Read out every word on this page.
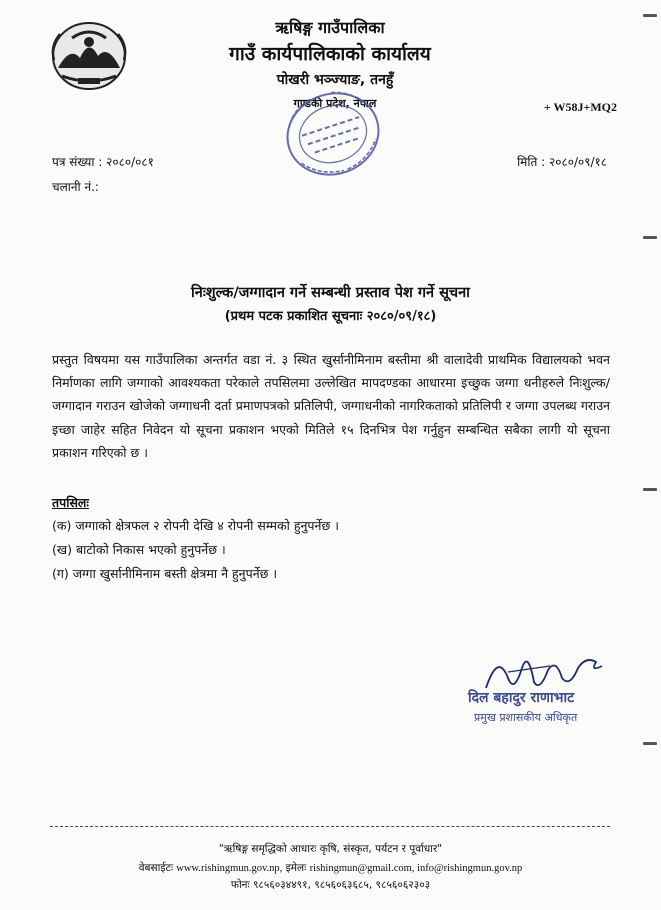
ऋषिङ्ग गाउँपालिका
गाउँ कार्यपालिकाको कार्यालय
पोखरी भञ्ज्याङ, तनहुँ
गण्डकी प्रदेश, नेपाल	+ W58J+MQ2
पत्र संख्या : २०८०/०८१
चलानी नं.:
मिति : २०८०/०९/१८
निःशुल्क/जग्गादान गर्ने सम्बन्धी प्रस्ताव पेश गर्ने सूचना
(प्रथम पटक प्रकाशित सूचनाः २०८०/०९/१८)

प्रस्तुत विषयमा यस गाउँपालिका अन्तर्गत वडा नं. ३ स्थित खुर्सानीमिनाम बस्तीमा श्री वालादेवी प्राथमिक विद्यालयको भवन निर्माणका लागि जग्गाको आवश्यकता परेकाले तपसिलमा उल्लेखित मापदण्डका आधारमा इच्छुक जग्गा धनीहरुले निःशुल्क/जग्गादान गराउन खोजेको जग्गाधनी दर्ता प्रमाणपत्रको प्रतिलिपी, जग्गाधनीको नागरिकताको प्रतिलिपी र जग्गा उपलब्ध गराउन इच्छा जाहेर सहित निवेदन यो सूचना प्रकाशन भएको मितिले १५ दिनभित्र पेश गर्नुहुन सम्बन्धित सबैका लागी यो सूचना प्रकाशन गरिएको छ ।

तपसिलः
(क) जग्गाको क्षेत्रफल २ रोपनी देखि ४ रोपनी सम्मको हुनुपर्नेछ ।
(ख) बाटोको निकास भएको हुनुपर्नेछ ।
(ग) जग्गा खुर्सानीमिनाम बस्ती क्षेत्रमा नै हुनुपर्नेछ ।
दिल बहादुर राणाभाट
प्रमुख प्रशासकीय अधिकृत
"ऋषिङ्ग समृद्धिको आधारः कृषि, संस्कृत, पर्यटन र पूर्वाधार"
वेबसाईटः www.rishingmun.gov.np, इमेलः rishingmun@gmail.com, info@rishingmun.gov.np
फोनः ९८५६०३४४९१, ९८५६०६३६८५, ९८५६०६२३०३
